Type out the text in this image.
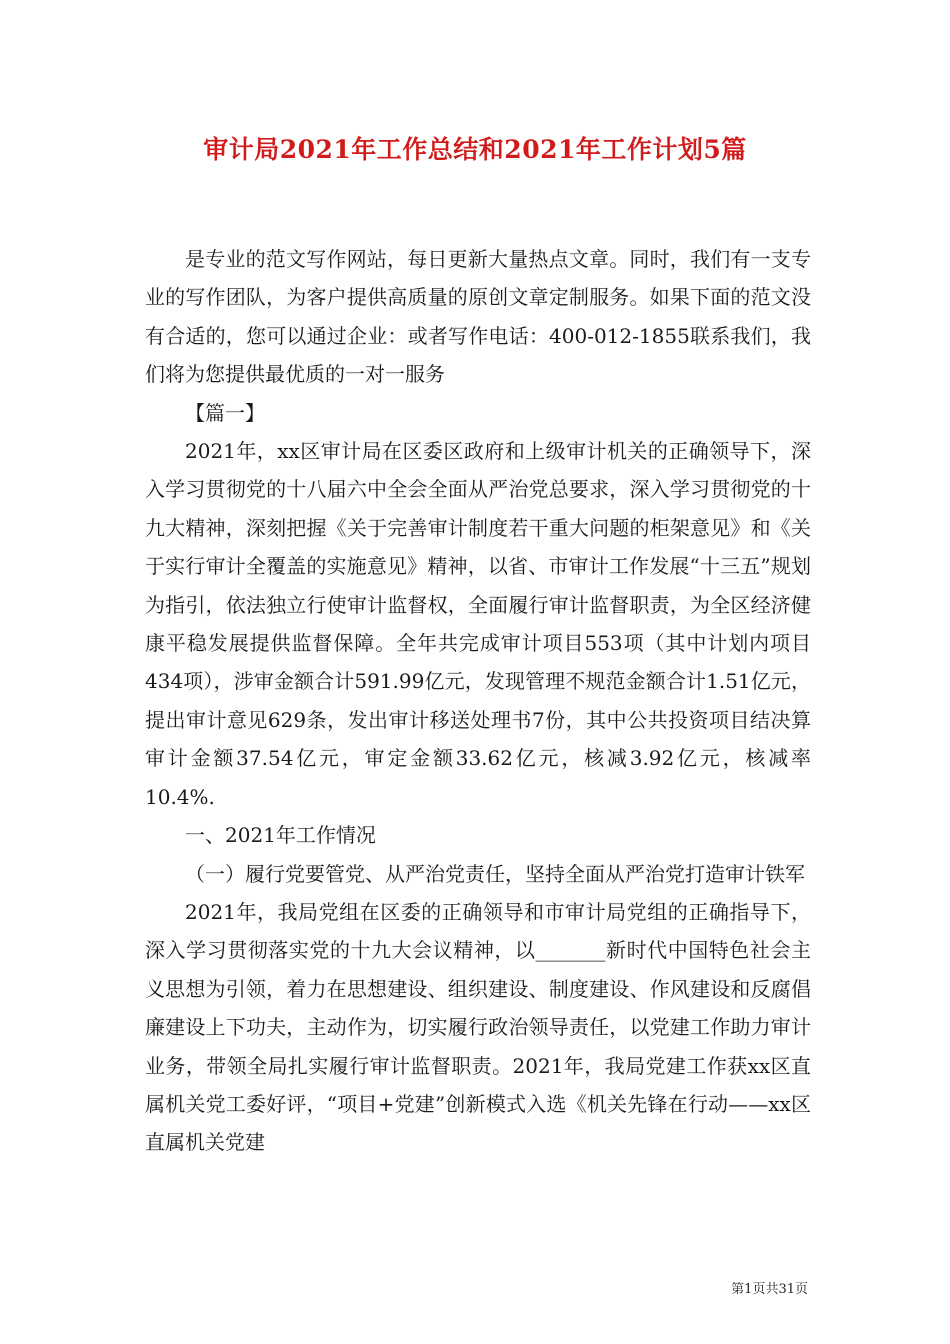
审计局2021年工作总结和2021年工作计划5篇

是专业的范文写作网站，每日更新大量热点文章。同时，我们有一支专业的写作团队，为客户提供高质量的原创文章定制服务。如果下面的范文没有合适的，您可以通过企业：或者写作电话：400-012-1855联系我们，我们将为您提供最优质的一对一服务

【篇一】

2021年，xx区审计局在区委区政府和上级审计机关的正确领导下，深入学习贯彻党的十八届六中全会全面从严治党总要求，深入学习贯彻党的十九大精神，深刻把握《关于完善审计制度若干重大问题的柜架意见》和《关于实行审计全覆盖的实施意见》精神，以省、市审计工作发展“十三五”规划为指引，依法独立行使审计监督权，全面履行审计监督职责，为全区经济健康平稳发展提供监督保障。全年共完成审计项目553项（其中计划内项目434项），涉审金额合计591.99亿元，发现管理不规范金额合计1.51亿元，提出审计意见629条，发出审计移送处理书7份，其中公共投资项目结决算审计金额37.54亿元，审定金额33.62亿元，核减3.92亿元，核减率10.4%.

一、2021年工作情况

（一）履行党要管党、从严治党责任，坚持全面从严治党打造审计铁军

2021年，我局党组在区委的正确领导和市审计局党组的正确指导下，深入学习贯彻落实党的十九大会议精神，以_______新时代中国特色社会主义思想为引领，着力在思想建设、组织建设、制度建设、作风建设和反腐倡廉建设上下功夫，主动作为，切实履行政治领导责任，以党建工作助力审计业务，带领全局扎实履行审计监督职责。2021年，我局党建工作获xx区直属机关党工委好评，“项目+党建”创新模式入选《机关先锋在行动——xx区直属机关党建

第1页共31页
